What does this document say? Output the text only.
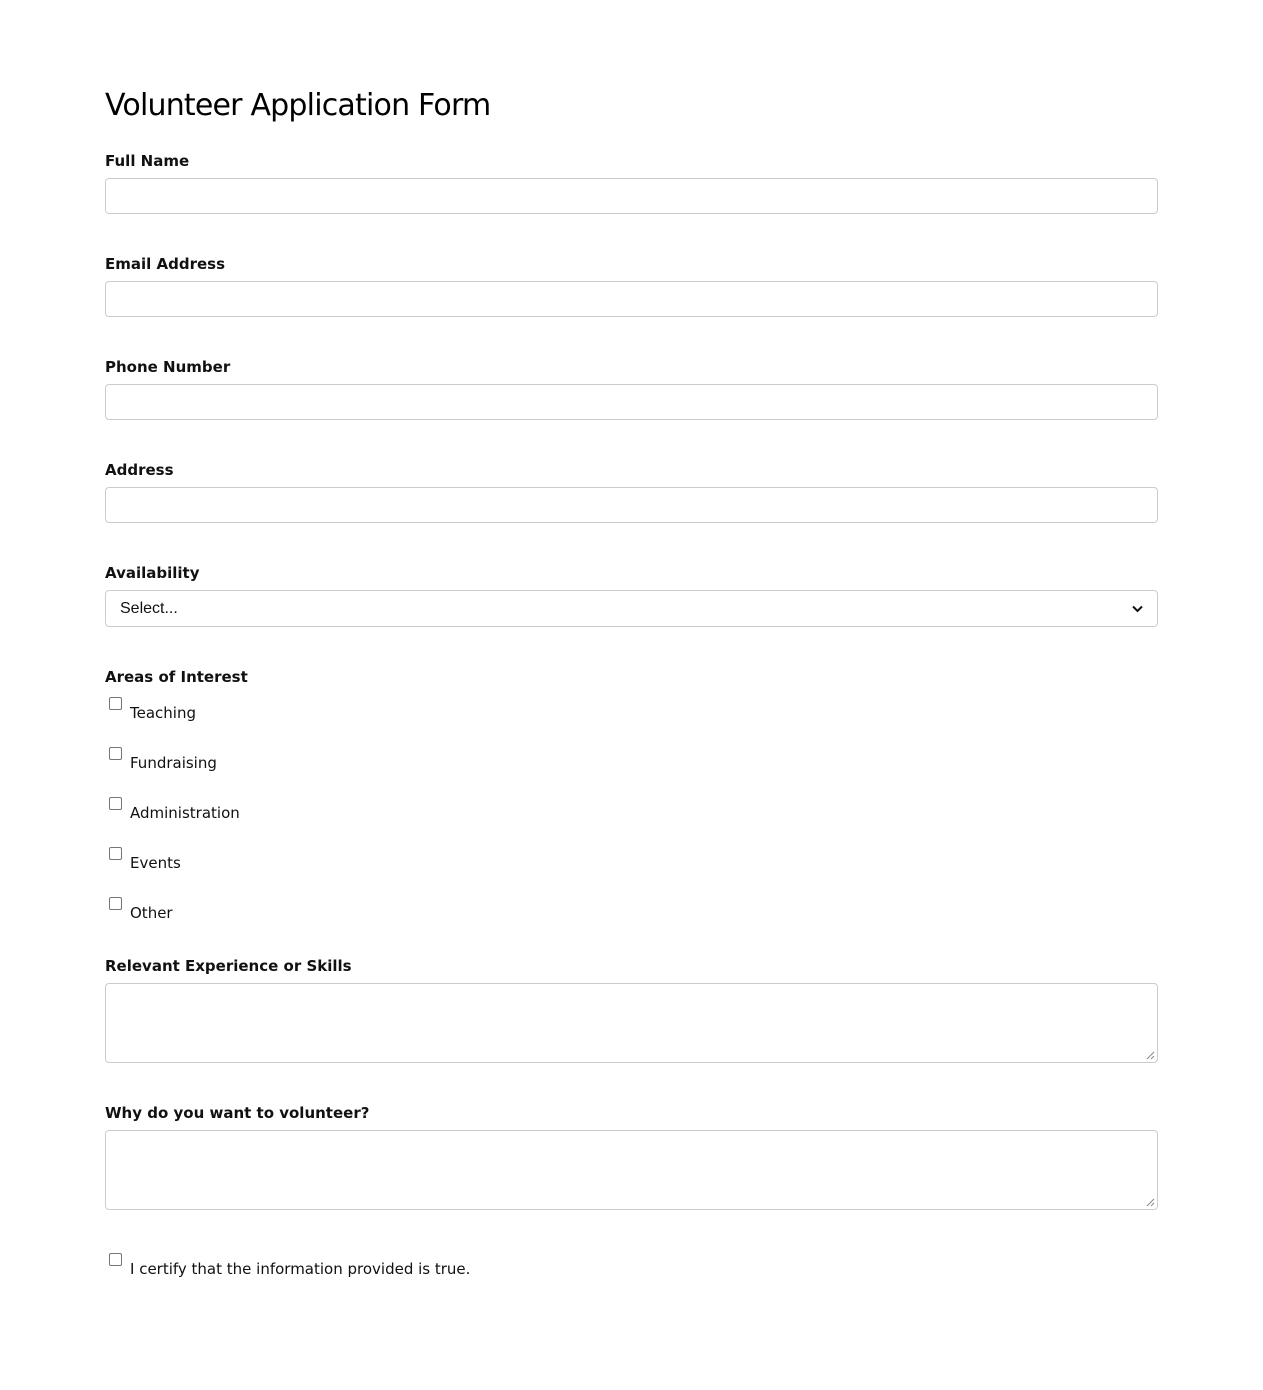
Volunteer Application Form
Full Name
Email Address
Phone Number
Address
Availability
Select...
Areas of Interest
Teaching
Fundraising
Administration
Events
Other
Relevant Experience or Skills
Why do you want to volunteer?
I certify that the information provided is true.
